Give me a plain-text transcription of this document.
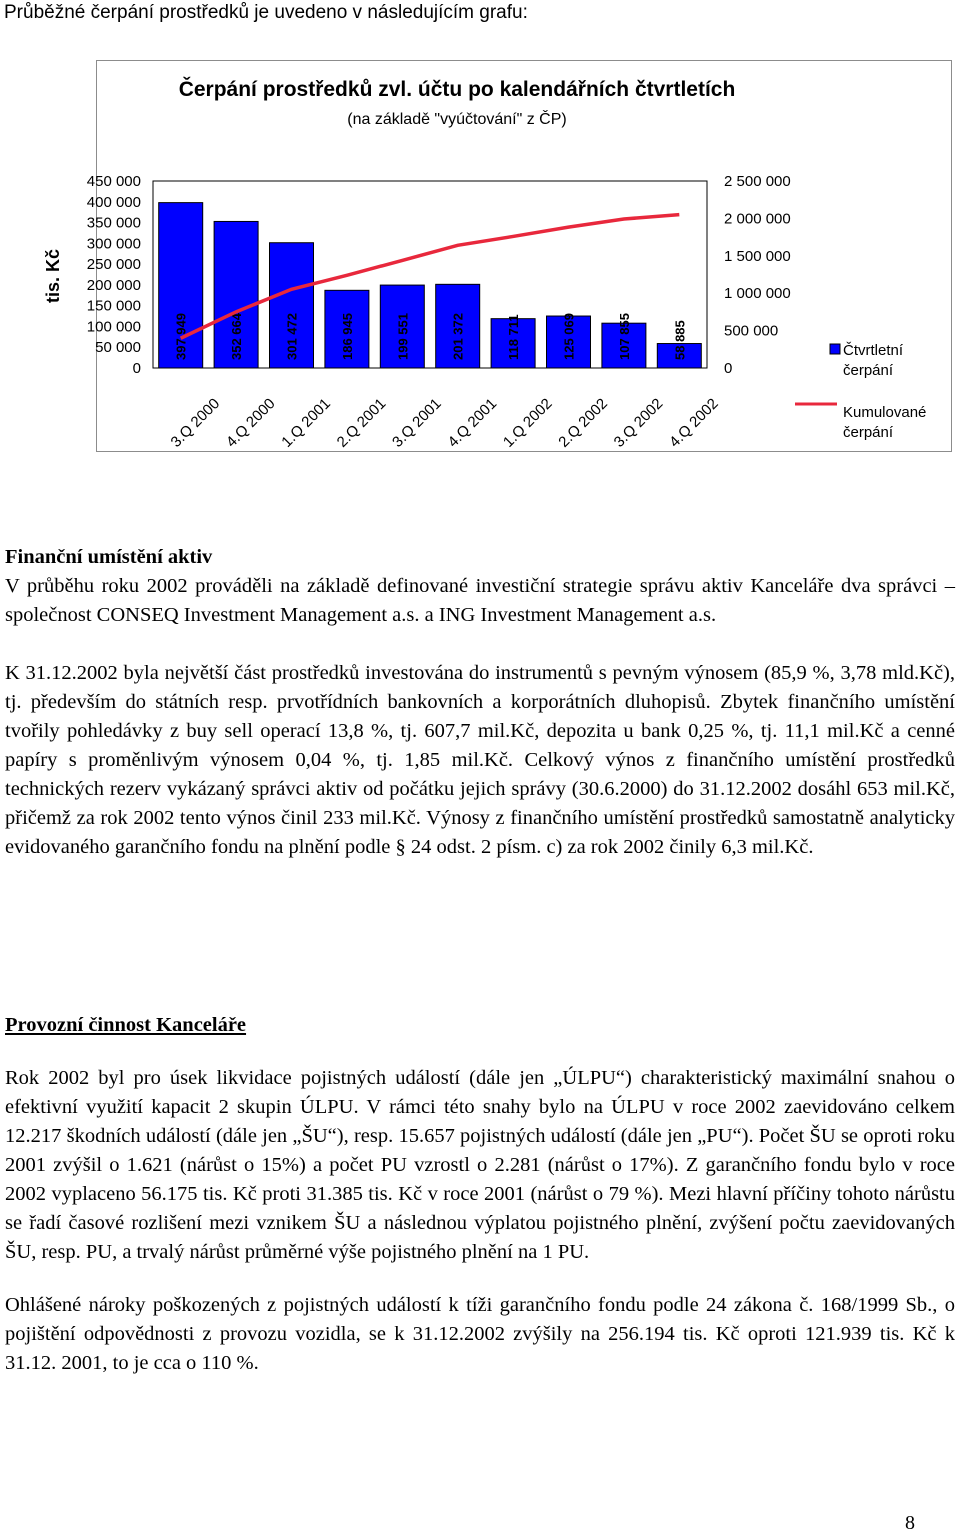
Průběžné čerpání prostředků je uvedeno v následujícím grafu:
Čerpání prostředků zvl. účtu po kalendářních čtvrtletích
(na základě "vyúčtování" z ČP)
tis. Kč
0
50 000
100 000
150 000
200 000
250 000
300 000
350 000
400 000
450 000
0
500 000
1 000 000
1 500 000
2 000 000
2 500 000
397 949	352 664	301 472	186 945	199 551	201 372	118 711	125 069	107 855	58 885
3.Q 2000 4.Q 2000 1.Q 2001 2.Q 2001 3.Q 2001 4.Q 2001 1.Q 2002 2.Q 2002 3.Q 2002 4.Q 2002
Čtvrtletní
čerpání
Kumulované
čerpání
Finanční umístění aktiv

V průběhu roku 2002 prováděli na základě definované investiční strategie správu aktiv Kanceláře dva správci – společnost CONSEQ Investment Management a.s. a ING Investment Management a.s.

K 31.12.2002 byla největší část prostředků investována do instrumentů s pevným výnosem (85,9 %, 3,78 mld.Kč), tj. především do státních resp. prvotřídních bankovních a korporátních dluhopisů. Zbytek finančního umístění tvořily pohledávky z buy sell operací 13,8 %, tj. 607,7 mil.Kč, depozita u bank 0,25 %, tj. 11,1 mil.Kč a cenné papíry s proměnlivým výnosem 0,04 %, tj. 1,85 mil.Kč. Celkový výnos z finančního umístění prostředků technických rezerv vykázaný správci aktiv od počátku jejich správy (30.6.2000) do 31.12.2002 dosáhl 653 mil.Kč, přičemž za rok 2002 tento výnos činil 233 mil.Kč. Výnosy z finančního umístění prostředků samostatně analyticky evidovaného garančního fondu na plnění podle § 24 odst. 2 písm. c) za rok 2002 činily 6,3 mil.Kč.

Provozní činnost Kanceláře

Rok 2002 byl pro úsek likvidace pojistných událostí (dále jen „ÚLPU“) charakteristický maximální snahou o efektivní využití kapacit 2 skupin ÚLPU. V rámci této snahy bylo na ÚLPU v roce 2002 zaevidováno celkem 12.217 škodních událostí (dále jen „ŠU“), resp. 15.657 pojistných událostí (dále jen „PU“). Počet ŠU se oproti roku 2001 zvýšil o 1.621 (nárůst o 15%) a počet PU vzrostl o 2.281 (nárůst o 17%). Z garančního fondu bylo v roce 2002 vyplaceno 56.175 tis. Kč proti 31.385 tis. Kč v roce 2001 (nárůst o 79 %). Mezi hlavní příčiny tohoto nárůstu se řadí časové rozlišení mezi vznikem ŠU a následnou výplatou pojistného plnění, zvýšení počtu zaevidovaných ŠU, resp. PU, a trvalý nárůst průměrné výše pojistného plnění na 1 PU.

Ohlášené nároky poškozených z pojistných událostí k tíži garančního fondu podle 24 zákona č. 168/1999 Sb., o pojištění odpovědnosti z provozu vozidla, se k 31.12.2002 zvýšily na 256.194 tis. Kč oproti 121.939 tis. Kč k 31.12. 2001, to je cca o 110 %.

8
